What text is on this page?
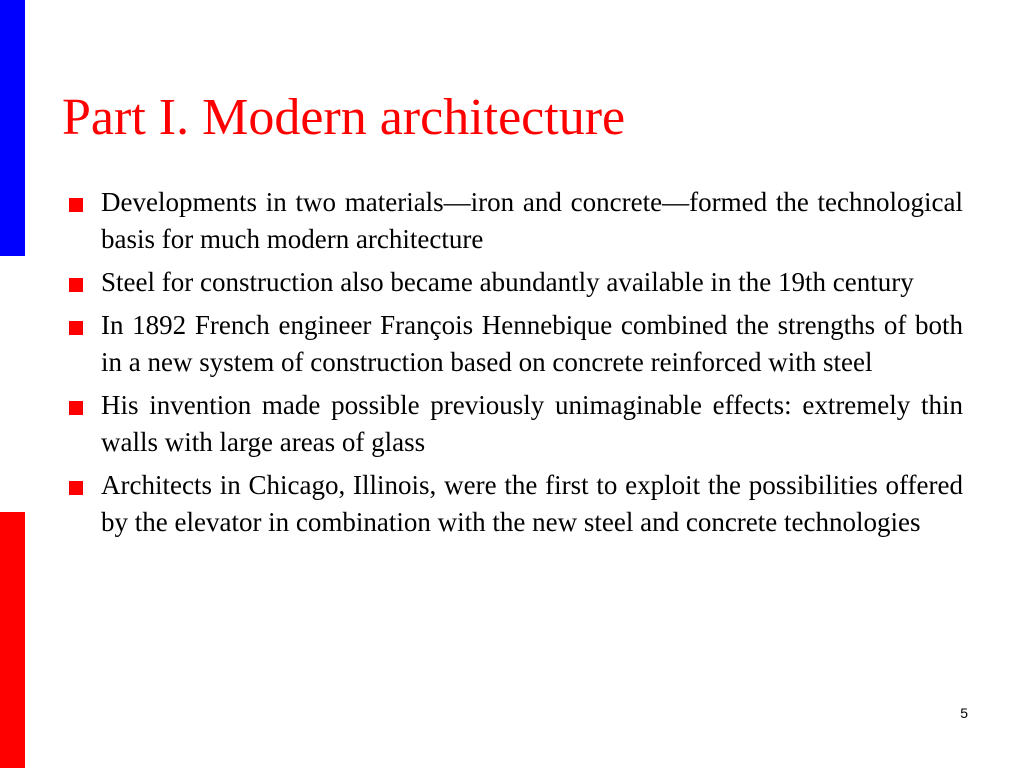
Part I. Modern architecture
Developments in two materials—iron and concrete—formed the technological basis for much modern architecture
Steel for construction also became abundantly available in the 19th century
In 1892 French engineer François Hennebique combined the strengths of both in a new system of construction based on concrete reinforced with steel
His invention made possible previously unimaginable effects: extremely thin walls with large areas of glass
Architects in Chicago, Illinois, were the first to exploit the possibilities offered by the elevator in combination with the new steel and concrete technologies
5
